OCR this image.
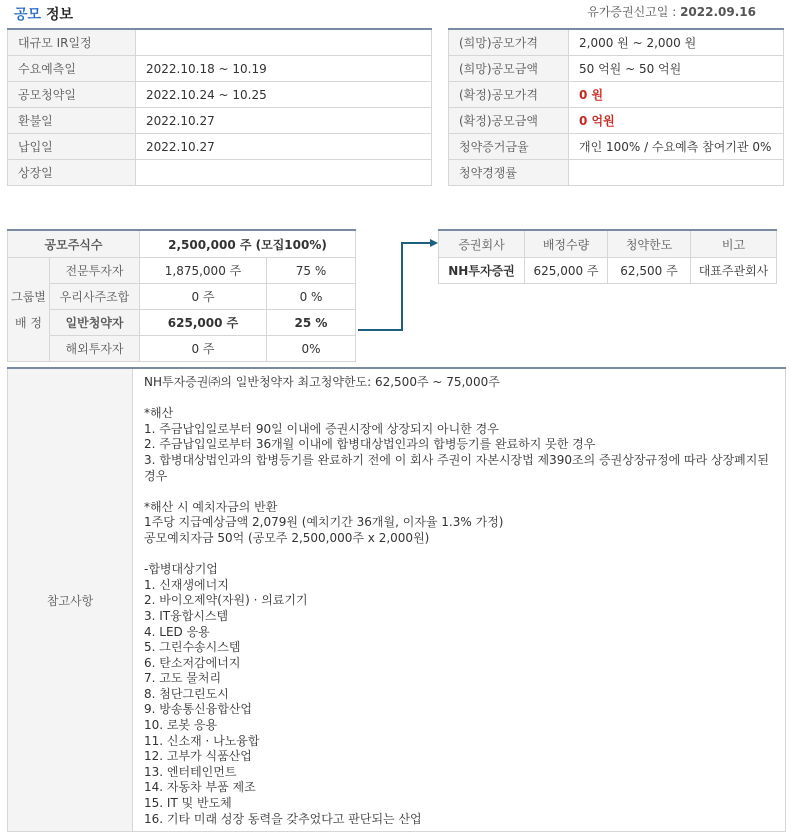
공모 정보	유가증권신고일 : 2022.09.16
대규모 IR일정	
수요예측일	2022.10.18 ~ 10.19
공모청약일	2022.10.24 ~ 10.25
환불일	2022.10.27
납입일	2022.10.27
상장일	
(희망)공모가격	2,000 원 ~ 2,000 원
(희망)공모금액	50 억원 ~ 50 억원
(확정)공모가격	0 원
(확정)공모금액	0 억원
청약증거금율	개인 100% / 수요예측 참여기관 0%
청약경쟁률	
공모주식수		2,500,000 주 (모집100%)	

그룹별
배 정	전문투자자	1,875,000 주	75 %
	우리사주조합	0 주	0 %
	일반청약자	625,000 주	25 %
	해외투자자	0 주	0%
증권회사	배정수량	청약한도	비고
NH투자증권	625,000 주	62,500 주	대표주관회사
참고사항	NH투자증권㈜의 일반청약자 최고청약한도: 62,500주 ~ 75,000주

*해산
1. 주금납입일로부터 90일 이내에 증권시장에 상장되지 아니한 경우
2. 주금납입일로부터 36개월 이내에 합병대상법인과의 합병등기를 완료하지 못한 경우
3. 합병대상법인과의 합병등기를 완료하기 전에 이 회사 주권이 자본시장법 제390조의 증권상장규정에 따라 상장폐지된
경우

*해산 시 예치자금의 반환
1주당 지급예상금액 2,079원 (예치기간 36개월, 이자율 1.3% 가정)
공모예치자금 50억 (공모주 2,500,000주 x 2,000원)

-합병대상기업
1. 신재생에너지
2. 바이오제약(자원) · 의료기기
3. IT융합시스템
4. LED 응용
5. 그린수송시스템
6. 탄소저감에너지
7. 고도 물처리
8. 첨단그린도시
9. 방송통신융합산업
10. 로봇 응용
11. 신소재 · 나노융합
12. 고부가 식품산업
13. 엔터테인먼트
14. 자동차 부품 제조
15. IT 및 반도체
16. 기타 미래 성장 동력을 갖추었다고 판단되는 산업
